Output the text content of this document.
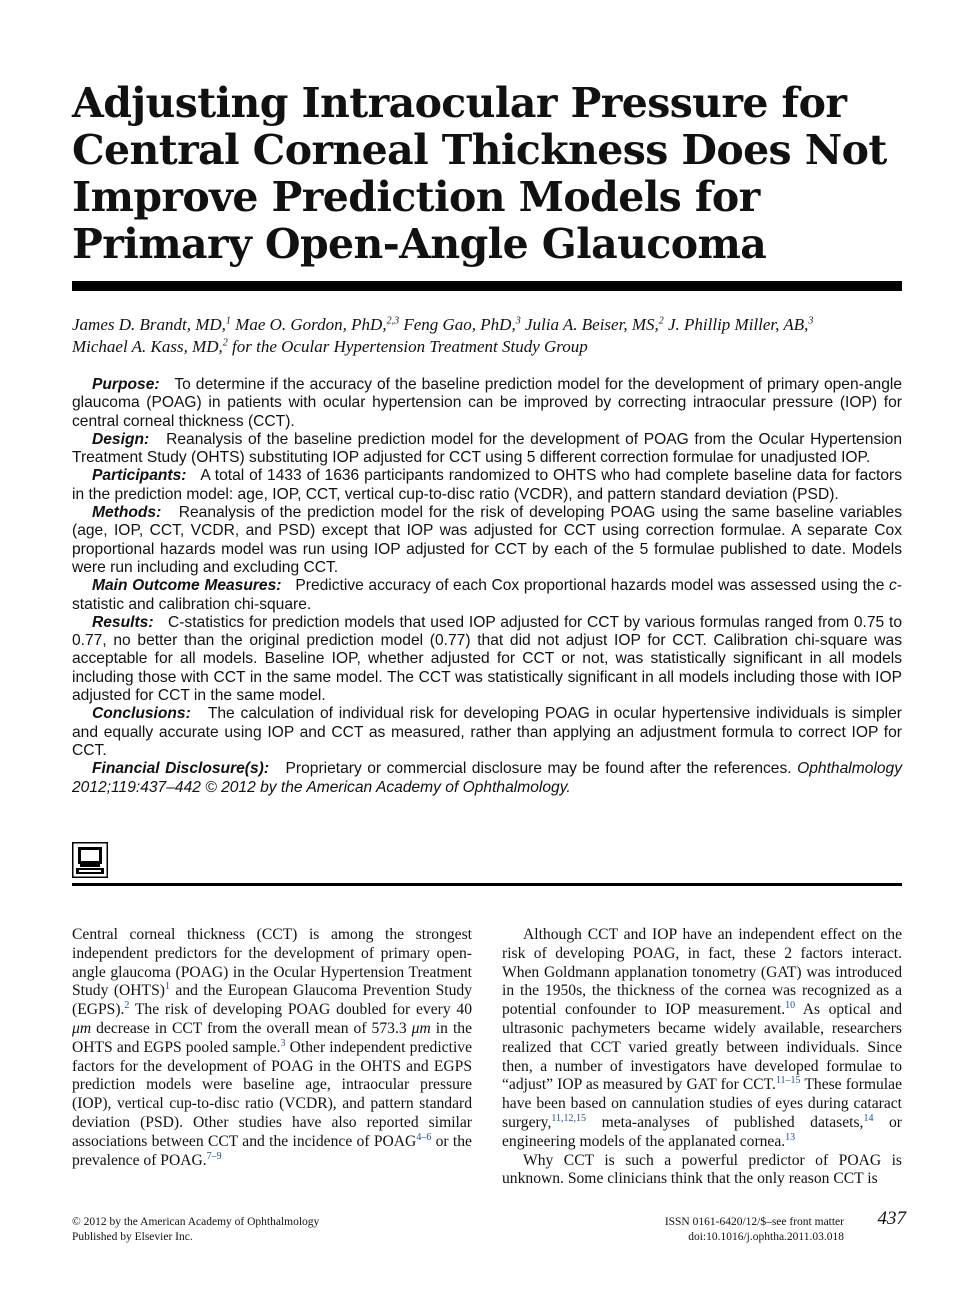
Adjusting Intraocular Pressure for Central Corneal Thickness Does Not Improve Prediction Models for Primary Open-Angle Glaucoma
James D. Brandt, MD,$^1$ Mae O. Gordon, PhD,$^{2,3}$ Feng Gao, PhD,$^3$ Julia A. Beiser, MS,$^2$ J. Phillip Miller, AB,$^3$
Michael A. Kass, MD,$^2$ for the Ocular Hypertension Treatment Study Group

Purpose: To determine if the accuracy of the baseline prediction model for the development of primary open-angle glaucoma (POAG) in patients with ocular hypertension can be improved by correcting intraocular pressure (IOP) for central corneal thickness (CCT).

Design: Reanalysis of the baseline prediction model for the development of POAG from the Ocular Hypertension Treatment Study (OHTS) substituting IOP adjusted for CCT using 5 different correction formulae for unadjusted IOP.

Participants: A total of 1433 of 1636 participants randomized to OHTS who had complete baseline data for factors in the prediction model: age, IOP, CCT, vertical cup-to-disc ratio (VCDR), and pattern standard deviation (PSD).

Methods: Reanalysis of the prediction model for the risk of developing POAG using the same baseline variables (age, IOP, CCT, VCDR, and PSD) except that IOP was adjusted for CCT using correction formulae. A separate Cox proportional hazards model was run using IOP adjusted for CCT by each of the 5 formulae published to date. Models were run including and excluding CCT.

Main Outcome Measures: Predictive accuracy of each Cox proportional hazards model was assessed using the c-statistic and calibration chi-square.

Results: C-statistics for prediction models that used IOP adjusted for CCT by various formulas ranged from 0.75 to 0.77, no better than the original prediction model (0.77) that did not adjust IOP for CCT. Calibration chi-square was acceptable for all models. Baseline IOP, whether adjusted for CCT or not, was statistically significant in all models including those with CCT in the same model. The CCT was statistically significant in all models including those with IOP adjusted for CCT in the same model.

Conclusions: The calculation of individual risk for developing POAG in ocular hypertensive individuals is simpler and equally accurate using IOP and CCT as measured, rather than applying an adjustment formula to correct IOP for CCT.

Financial Disclosure(s): Proprietary or commercial disclosure may be found after the references. Ophthalmology 2012;119:437–442 © 2012 by the American Academy of Ophthalmology.

Central corneal thickness (CCT) is among the strongest independent predictors for the development of primary open-angle glaucoma (POAG) in the Ocular Hypertension Treatment Study (OHTS)$^1$ and the European Glaucoma Prevention Study (EGPS).$^2$ The risk of developing POAG doubled for every 40 μm decrease in CCT from the overall mean of 573.3 μm in the OHTS and EGPS pooled sample.$^3$ Other independent predictive factors for the development of POAG in the OHTS and EGPS prediction models were baseline age, intraocular pressure (IOP), vertical cup-to-disc ratio (VCDR), and pattern standard deviation (PSD). Other studies have also reported similar associations between CCT and the incidence of POAG$^{4-6}$ or the prevalence of POAG.$^{7-9}$

Although CCT and IOP have an independent effect on the risk of developing POAG, in fact, these 2 factors interact. When Goldmann applanation tonometry (GAT) was introduced in the 1950s, the thickness of the cornea was recognized as a potential confounder to IOP measurement.$^{10}$ As optical and ultrasonic pachymeters became widely available, researchers realized that CCT varied greatly between individuals. Since then, a number of investigators have developed formulae to “adjust” IOP as measured by GAT for CCT.$^{11-15}$ These formulae have been based on cannulation studies of eyes during cataract surgery,$^{11,12,15}$ meta-analyses of published datasets,$^{14}$ or engineering models of the applanated cornea.$^{13}$

Why CCT is such a powerful predictor of POAG is unknown. Some clinicians think that the only reason CCT is

© 2012 by the American Academy of Ophthalmology
Published by Elsevier Inc.
ISSN 0161-6420/12/$–see front matter
doi:10.1016/j.ophtha.2011.03.018
437
